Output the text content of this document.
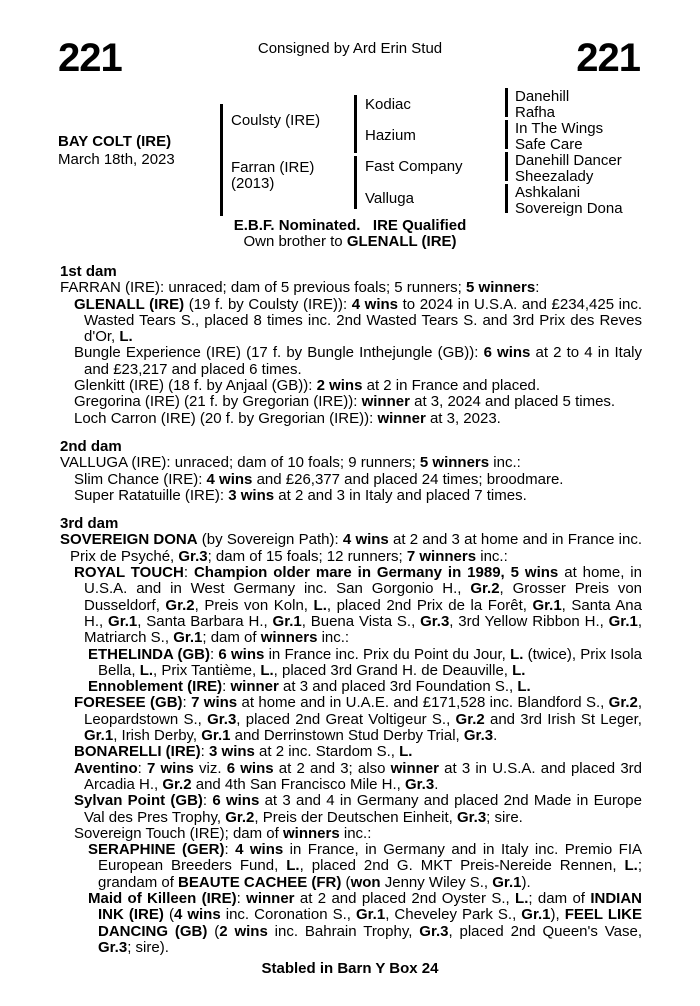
221	Consigned by Ard Erin Stud	221
BAY COLT (IRE)
March 18th, 2023
Coulsty (IRE)
Farran (IRE)
(2013)
Kodiac
Hazium
Fast Company
Valluga
Danehill
Rafha
In The Wings
Safe Care
Danehill Dancer
Sheezalady
Ashkalani
Sovereign Dona
E.B.F. Nominated.   IRE Qualified
Own brother to GLENALL (IRE)
1st dam
FARRAN (IRE): unraced; dam of 5 previous foals; 5 runners; 5 winners:
GLENALL (IRE) (19 f. by Coulsty (IRE)): 4 wins to 2024 in U.S.A. and £234,425 inc. Wasted Tears S., placed 8 times inc. 2nd Wasted Tears S. and 3rd Prix des Reves d'Or, L.
Bungle Experience (IRE) (17 f. by Bungle Inthejungle (GB)): 6 wins at 2 to 4 in Italy and £23,217 and placed 6 times.
Glenkitt (IRE) (18 f. by Anjaal (GB)): 2 wins at 2 in France and placed.
Gregorina (IRE) (21 f. by Gregorian (IRE)): winner at 3, 2024 and placed 5 times.
Loch Carron (IRE) (20 f. by Gregorian (IRE)): winner at 3, 2023.
2nd dam
VALLUGA (IRE): unraced; dam of 10 foals; 9 runners; 5 winners inc.:
Slim Chance (IRE): 4 wins and £26,377 and placed 24 times; broodmare.
Super Ratatuille (IRE): 3 wins at 2 and 3 in Italy and placed 7 times.
3rd dam
SOVEREIGN DONA (by Sovereign Path): 4 wins at 2 and 3 at home and in France inc. Prix de Psyché, Gr.3; dam of 15 foals; 12 runners; 7 winners inc.:
ROYAL TOUCH: Champion older mare in Germany in 1989, 5 wins at home, in U.S.A. and in West Germany inc. San Gorgonio H., Gr.2, Grosser Preis von Dusseldorf, Gr.2, Preis von Koln, L., placed 2nd Prix de la Forêt, Gr.1, Santa Ana H., Gr.1, Santa Barbara H., Gr.1, Buena Vista S., Gr.3, 3rd Yellow Ribbon H., Gr.1, Matriarch S., Gr.1; dam of winners inc.:
ETHELINDA (GB): 6 wins in France inc. Prix du Point du Jour, L. (twice), Prix Isola Bella, L., Prix Tantième, L., placed 3rd Grand H. de Deauville, L.
Ennoblement (IRE): winner at 3 and placed 3rd Foundation S., L.
FORESEE (GB): 7 wins at home and in U.A.E. and £171,528 inc. Blandford S., Gr.2, Leopardstown S., Gr.3, placed 2nd Great Voltigeur S., Gr.2 and 3rd Irish St Leger, Gr.1, Irish Derby, Gr.1 and Derrinstown Stud Derby Trial, Gr.3.
BONARELLI (IRE): 3 wins at 2 inc. Stardom S., L.
Aventino: 7 wins viz. 6 wins at 2 and 3; also winner at 3 in U.S.A. and placed 3rd Arcadia H., Gr.2 and 4th San Francisco Mile H., Gr.3.
Sylvan Point (GB): 6 wins at 3 and 4 in Germany and placed 2nd Made in Europe Val des Pres Trophy, Gr.2, Preis der Deutschen Einheit, Gr.3; sire.
Sovereign Touch (IRE); dam of winners inc.:
SERAPHINE (GER): 4 wins in France, in Germany and in Italy inc. Premio FIA European Breeders Fund, L., placed 2nd G. MKT Preis-Nereide Rennen, L.; grandam of BEAUTE CACHEE (FR) (won Jenny Wiley S., Gr.1).
Maid of Killeen (IRE): winner at 2 and placed 2nd Oyster S., L.; dam of INDIAN INK (IRE) (4 wins inc. Coronation S., Gr.1, Cheveley Park S., Gr.1), FEEL LIKE DANCING (GB) (2 wins inc. Bahrain Trophy, Gr.3, placed 2nd Queen's Vase, Gr.3; sire).
Stabled in Barn Y Box 24
